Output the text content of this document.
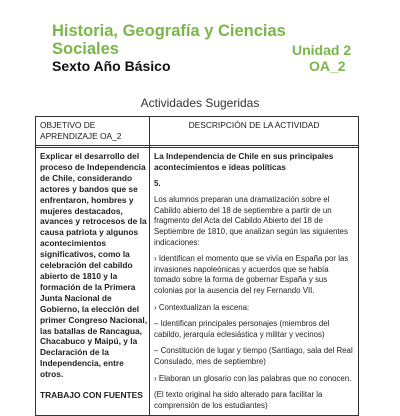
Historia, Geografía y Ciencias Sociales	Unidad 2
Sexto Año Básico	OA_2
Actividades Sugeridas
OBJETIVO DE APRENDIZAJE OA_2
DESCRIPCIÓN DE LA ACTIVIDAD
Explicar el desarrollo del proceso de Independencia de Chile, considerando actores y bandos que se enfrentaron, hombres y mujeres destacados, avances y retrocesos de la causa patriota y algunos acontecimientos significativos, como la celebración del cabildo abierto de 1810 y la formación de la Primera Junta Nacional de Gobierno, la elección del primer Congreso Nacional, las batallas de Rancagua, Chacabuco y Maipú, y la Declaración de la Independencia, entre otros.
TRABAJO CON FUENTES
La Independencia de Chile en sus principales acontecimientos e ideas políticas
5.
Los alumnos preparan una dramatización sobre el Cabildo abierto del 18 de septiembre a partir de un fragmento del Acta del Cabildo Abierto del 18 de Septiembre de 1810, que analizan según las siguientes indicaciones:
› Identifican el momento que se vivía en España por las invasiones napoleónicas y acuerdos que se había tomado sobre la forma de gobernar España y sus colonias por la ausencia del rey Fernando VII.
› Contextualizan la escena:
– Identifican principales personajes (miembros del cabildo, jerarquía eclesiástica y militar y vecinos)
– Constitución de lugar y tiempo (Santiago, sala del Real Consulado, mes de septiembre)
› Elaboran un glosario con las palabras que no conocen.
(El texto original ha sido alterado para facilitar la comprensión de los estudiantes)
